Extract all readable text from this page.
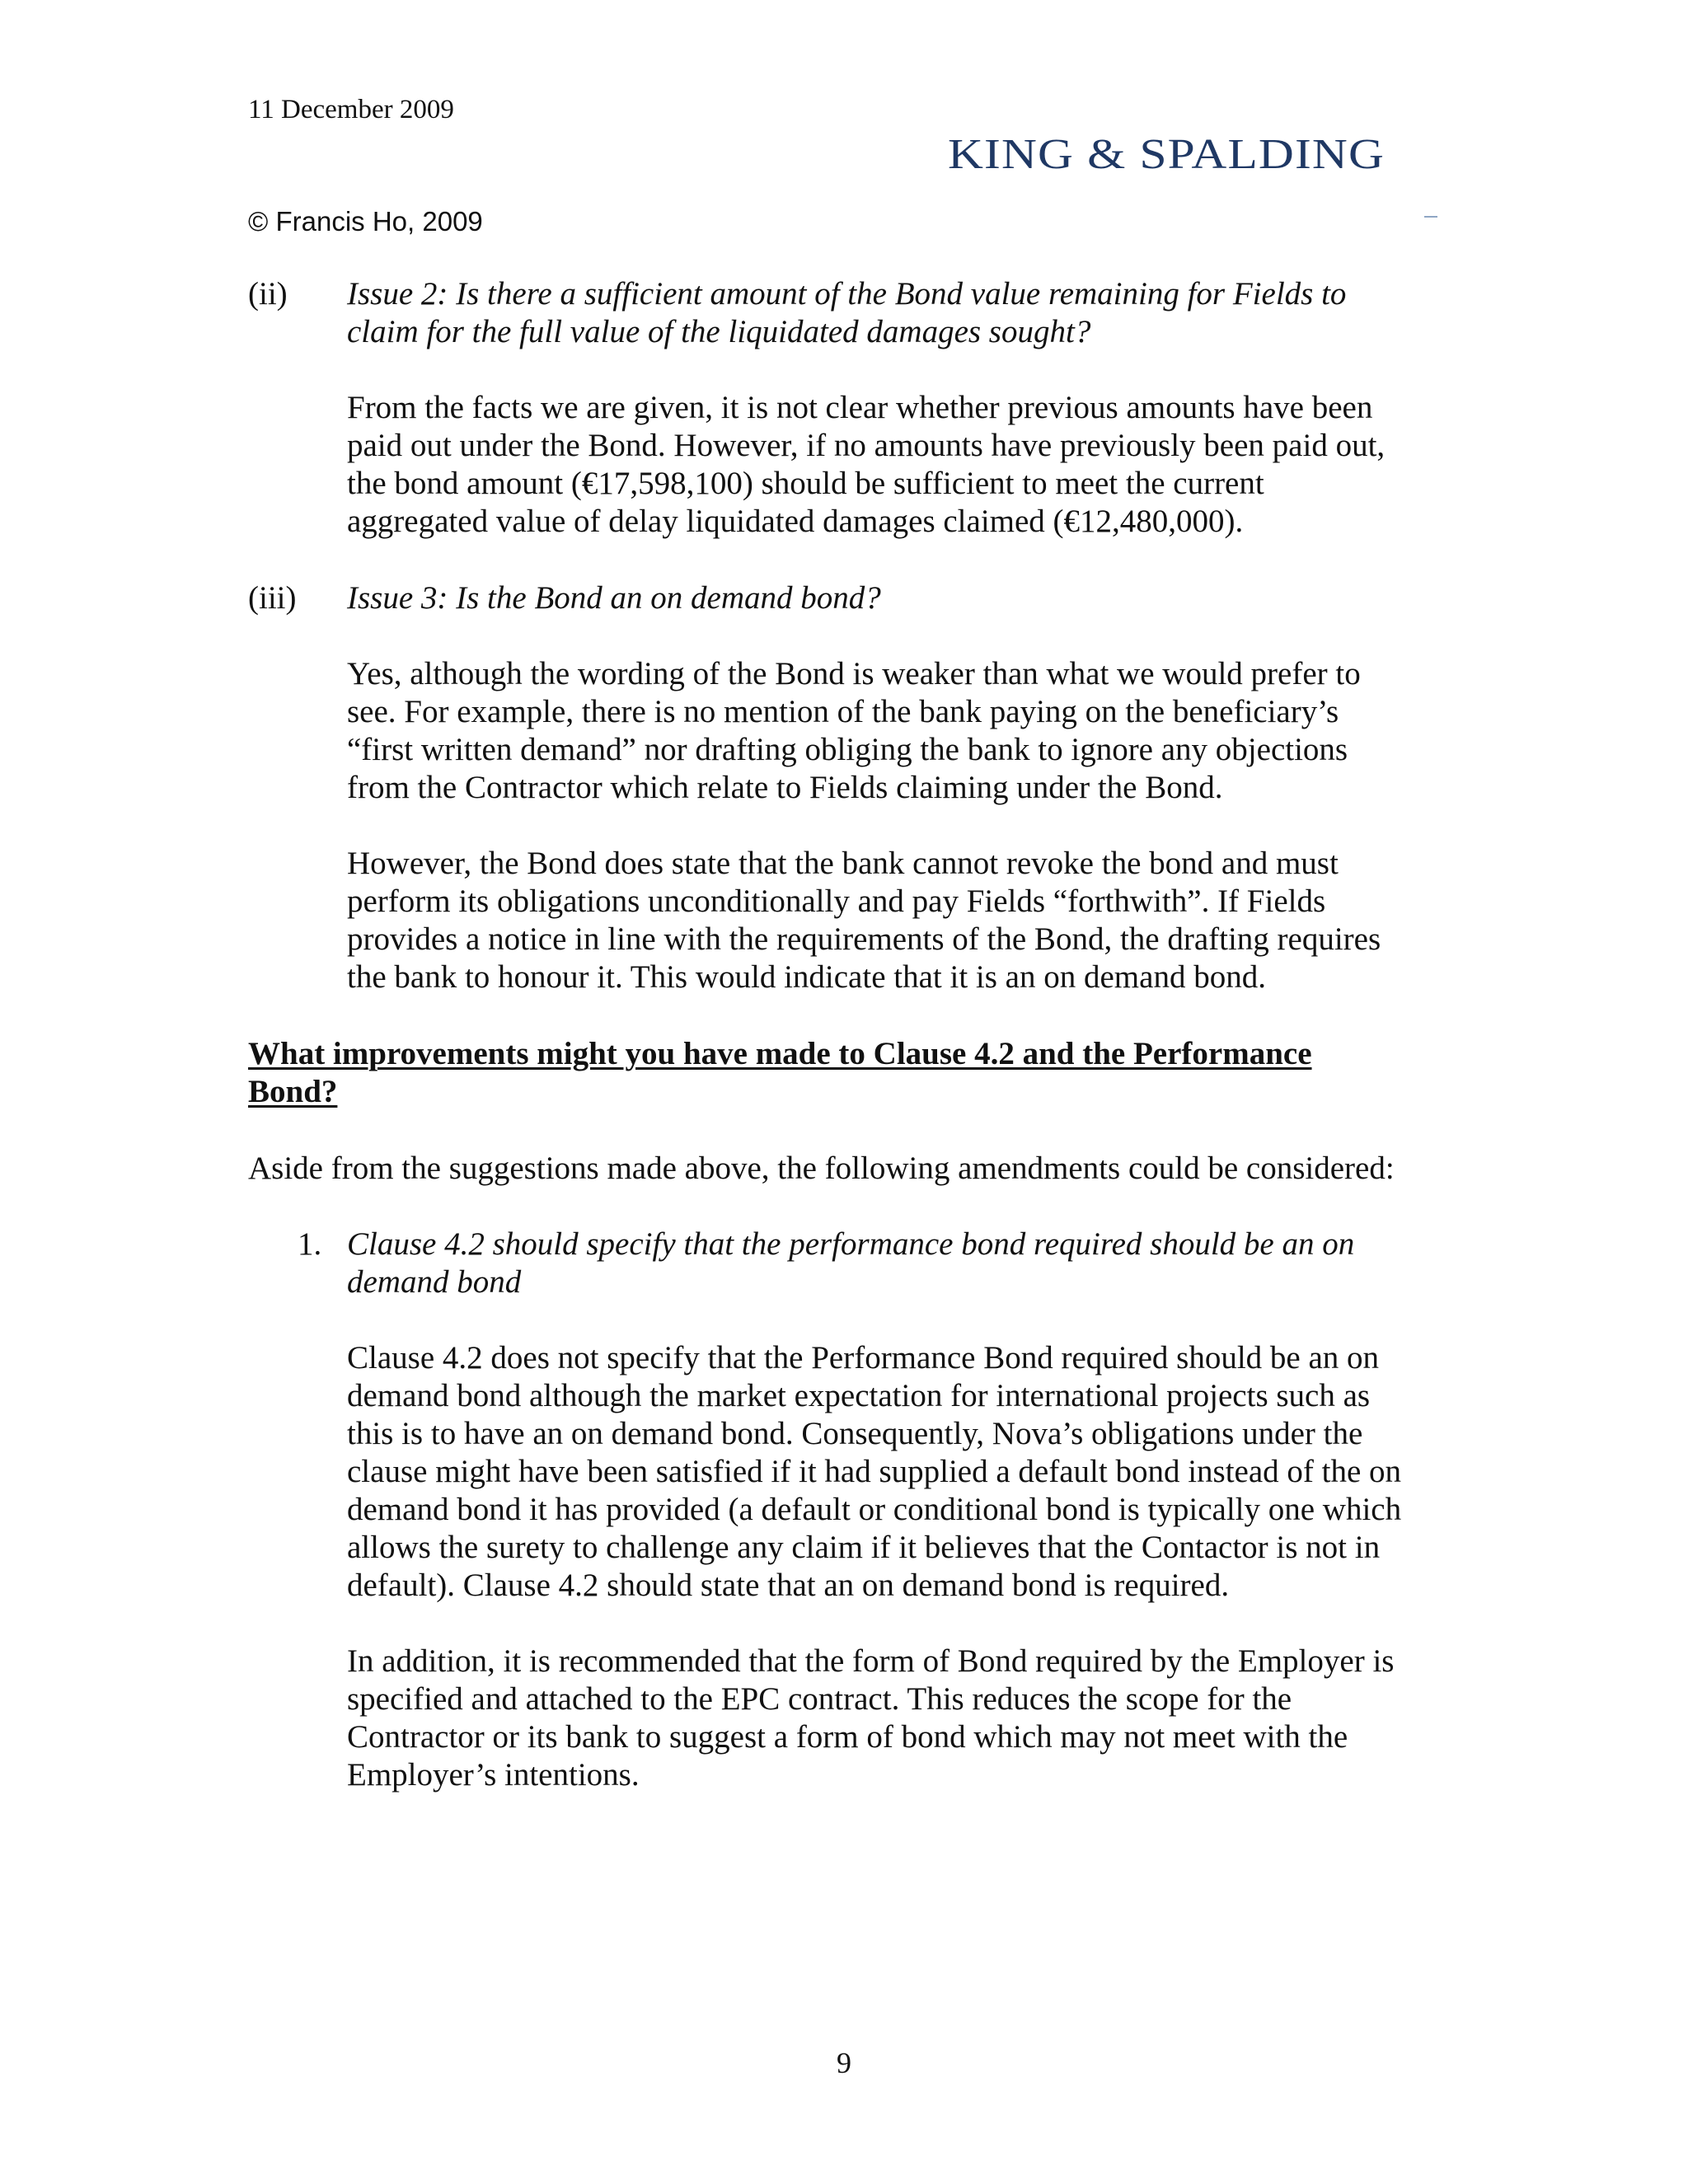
11 December 2009
KING & SPALDING
© Francis Ho, 2009
(ii) Issue 2: Is there a sufficient amount of the Bond value remaining for Fields to
claim for the full value of the liquidated damages sought?
From the facts we are given, it is not clear whether previous amounts have been
paid out under the Bond. However, if no amounts have previously been paid out,
the bond amount (€17,598,100) should be sufficient to meet the current
aggregated value of delay liquidated damages claimed (€12,480,000).
(iii) Issue 3: Is the Bond an on demand bond?
Yes, although the wording of the Bond is weaker than what we would prefer to
see. For example, there is no mention of the bank paying on the beneficiary’s
“first written demand” nor drafting obliging the bank to ignore any objections
from the Contractor which relate to Fields claiming under the Bond.
However, the Bond does state that the bank cannot revoke the bond and must
perform its obligations unconditionally and pay Fields “forthwith”. If Fields
provides a notice in line with the requirements of the Bond, the drafting requires
the bank to honour it. This would indicate that it is an on demand bond.
What improvements might you have made to Clause 4.2 and the Performance
Bond?
Aside from the suggestions made above, the following amendments could be considered:
1. Clause 4.2 should specify that the performance bond required should be an on
demand bond
Clause 4.2 does not specify that the Performance Bond required should be an on
demand bond although the market expectation for international projects such as
this is to have an on demand bond. Consequently, Nova’s obligations under the
clause might have been satisfied if it had supplied a default bond instead of the on
demand bond it has provided (a default or conditional bond is typically one which
allows the surety to challenge any claim if it believes that the Contactor is not in
default). Clause 4.2 should state that an on demand bond is required.
In addition, it is recommended that the form of Bond required by the Employer is
specified and attached to the EPC contract. This reduces the scope for the
Contractor or its bank to suggest a form of bond which may not meet with the
Employer’s intentions.
9
